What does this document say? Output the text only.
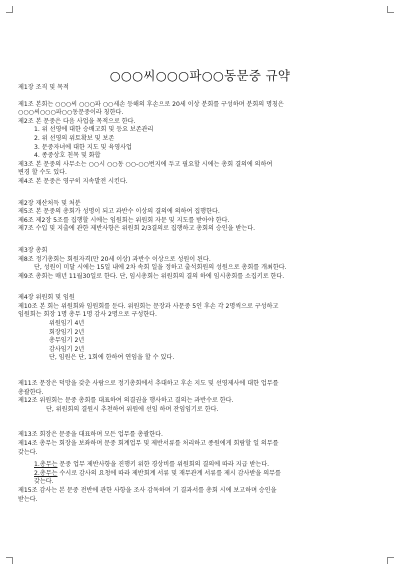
○○○씨○○○파○○동문중 규약
제1장 조직 및 목적
제1조 본회는 ○○○씨 ○○○파 ○○세손 등해의 후손으로 20세 이상 분회를 구성하며 분회의 명칭은
○○○씨○○○파○○동문중이라 칭한다.
제2조 본 문중은 다음 사업을 목적으로 한다.
1. 위 선영에 대한 승배고회 및 등요 보존관리
2. 위 선영의 위토확보 및 보존
3. 문중자녀에 대한 지도 및 육영사업
4. 종중상호 친목 및 화합
제3조 본 문중의 사무소는 ○○시 ○○동 ○○-○○번지에 두고 필요할 시에는 총회 결의에 의하여
변경 할 수도 있다.
제4조 본 문중은 영구히 지속발전 시킨다.
제2장 재산처득 및 처분
제5조 본 문중의 총회가 성명이 되고 과반수 이상의 결의에 의하여 집행한다.
제6조 제2장 5조를 집행할 시에는 임원회는 위원회 자문 및 지도를 받아야 한다.
제7조 수입 및 지출에 관한 제반사항은 위원회 2/3결의로 집행하고 총회의 승인을 받는다.
제3장 총회
제8조 정기총회는 회원자격(만 20세 이상) 과반수 이상으로 성원이 된다.
단, 성원이 미달 시에는 15일 내에 2차 속회 일을 정하고 출석회원의 성원으로 총회를 개최한다.
제9조 총회는 매년 11월30일로 한다. 단, 임시총회는 위원회의 결의 하에 임시총회를 소집키로 한다.
제4장 위원회 및 임원
제10조 본 회는 위원회와 임원회를 둔다. 위원회는 문장과 사문중 5인 후손 각 2명씩으로 구성하고
임원회는 회장 1명 총무 1명 감사 2명으로 구성한다.
위원임기 4년
회장임기 2년
총무임기 2년
감사임기 2년
단, 임원은 단, 1회에 한하여 연임을 할 수 있다.
제11조 문장은 덕망을 갖춘 사람으로 정기총회에서 추대하고 후손 지도 및 선영제사에 대한 업무를
총괄한다.
제12조 위원회는 문중 총회를 대표하여 의결권을 행사하고 결의는 과반수로 한다.
단, 위원회의 결원시 추천하여 위원에 선임 하며 잔임임기로 한다.
제13조 회장은 문중을 대표하며 모든 업무를 총괄한다.
제14조 총무는 회장을 보좌하며 문중 회계업무 및 제반서류를 처리하고 종원에게 회람할 일 의무를
갖는다.
1.총무는 문중 업무 제반사항을 진행키 위한 경상비를 위원회의 결의에 따라 지급 받는다.
2.총무는 수시로 감사의 요청에 따라 제반회계 서류 및 재무관계 서류를 제시 감사받을 의무를
갖는다.
제15조 감사는 본 문중 전반에 관한 사항을 조사 감독하며 기 결과서를 총회 시에 보고하며 승인을
받는다.
